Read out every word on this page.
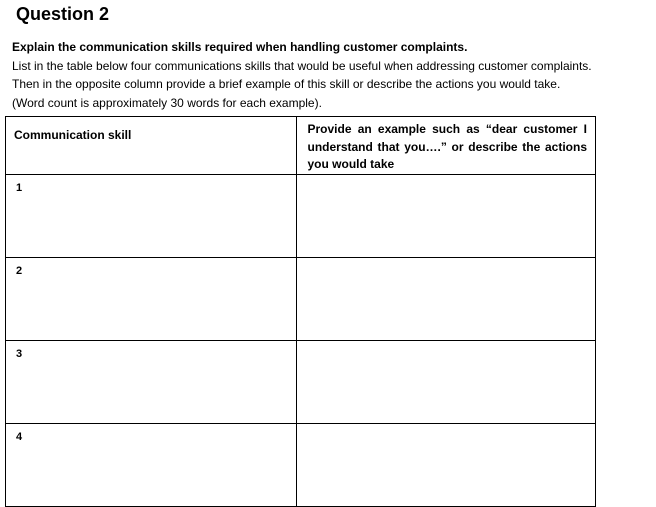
Question 2
Explain the communication skills required when handling customer complaints.
List in the table below four communications skills that would be useful when addressing customer complaints.
Then in the opposite column provide a brief example of this skill or describe the actions you would take.
(Word count is approximately 30 words for each example).
Communication skill	Provide an example such as “dear customer I understand that you….” or describe the actions you would take
1	
2	
3	
4	
